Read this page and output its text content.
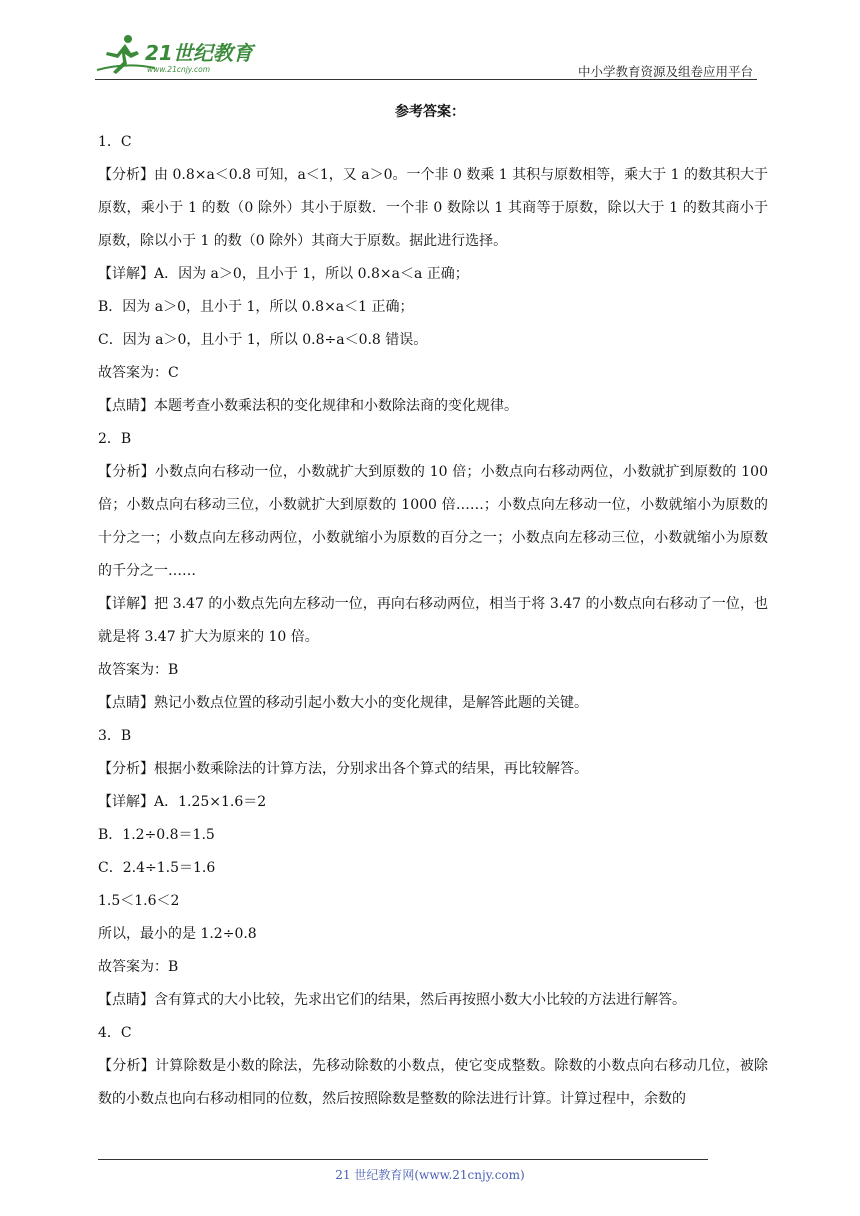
21世纪教育
www.21cnjy.com	中小学教育资源及组卷应用平台
参考答案：

1．C

【分析】由 0.8×a＜0.8 可知，a＜1，又 a＞0。一个非 0 数乘 1 其积与原数相等，乘大于 1 的数其积大于原数，乘小于 1 的数（0 除外）其小于原数．一个非 0 数除以 1 其商等于原数，除以大于 1 的数其商小于原数，除以小于 1 的数（0 除外）其商大于原数。据此进行选择。

【详解】A．因为 a＞0，且小于 1，所以 0.8×a＜a 正确；

B．因为 a＞0，且小于 1，所以 0.8×a＜1 正确；

C．因为 a＞0，且小于 1，所以 0.8÷a＜0.8 错误。

故答案为：C

【点睛】本题考查小数乘法积的变化规律和小数除法商的变化规律。

2．B

【分析】小数点向右移动一位，小数就扩大到原数的 10 倍；小数点向右移动两位，小数就扩到原数的 100 倍；小数点向右移动三位，小数就扩大到原数的 1000 倍……；小数点向左移动一位，小数就缩小为原数的十分之一；小数点向左移动两位，小数就缩小为原数的百分之一；小数点向左移动三位，小数就缩小为原数的千分之一……

【详解】把 3.47 的小数点先向左移动一位，再向右移动两位，相当于将 3.47 的小数点向右移动了一位，也就是将 3.47 扩大为原来的 10 倍。

故答案为：B

【点睛】熟记小数点位置的移动引起小数大小的变化规律，是解答此题的关键。

3．B

【分析】根据小数乘除法的计算方法，分别求出各个算式的结果，再比较解答。

【详解】A．1.25×1.6＝2

B．1.2÷0.8＝1.5

C．2.4÷1.5＝1.6

1.5＜1.6＜2

所以，最小的是 1.2÷0.8

故答案为：B

【点睛】含有算式的大小比较，先求出它们的结果，然后再按照小数大小比较的方法进行解答。

4．C

【分析】计算除数是小数的除法，先移动除数的小数点，使它变成整数。除数的小数点向右移动几位，被除数的小数点也向右移动相同的位数，然后按照除数是整数的除法进行计算。计算过程中，余数的

21 世纪教育网(www.21cnjy.com)
